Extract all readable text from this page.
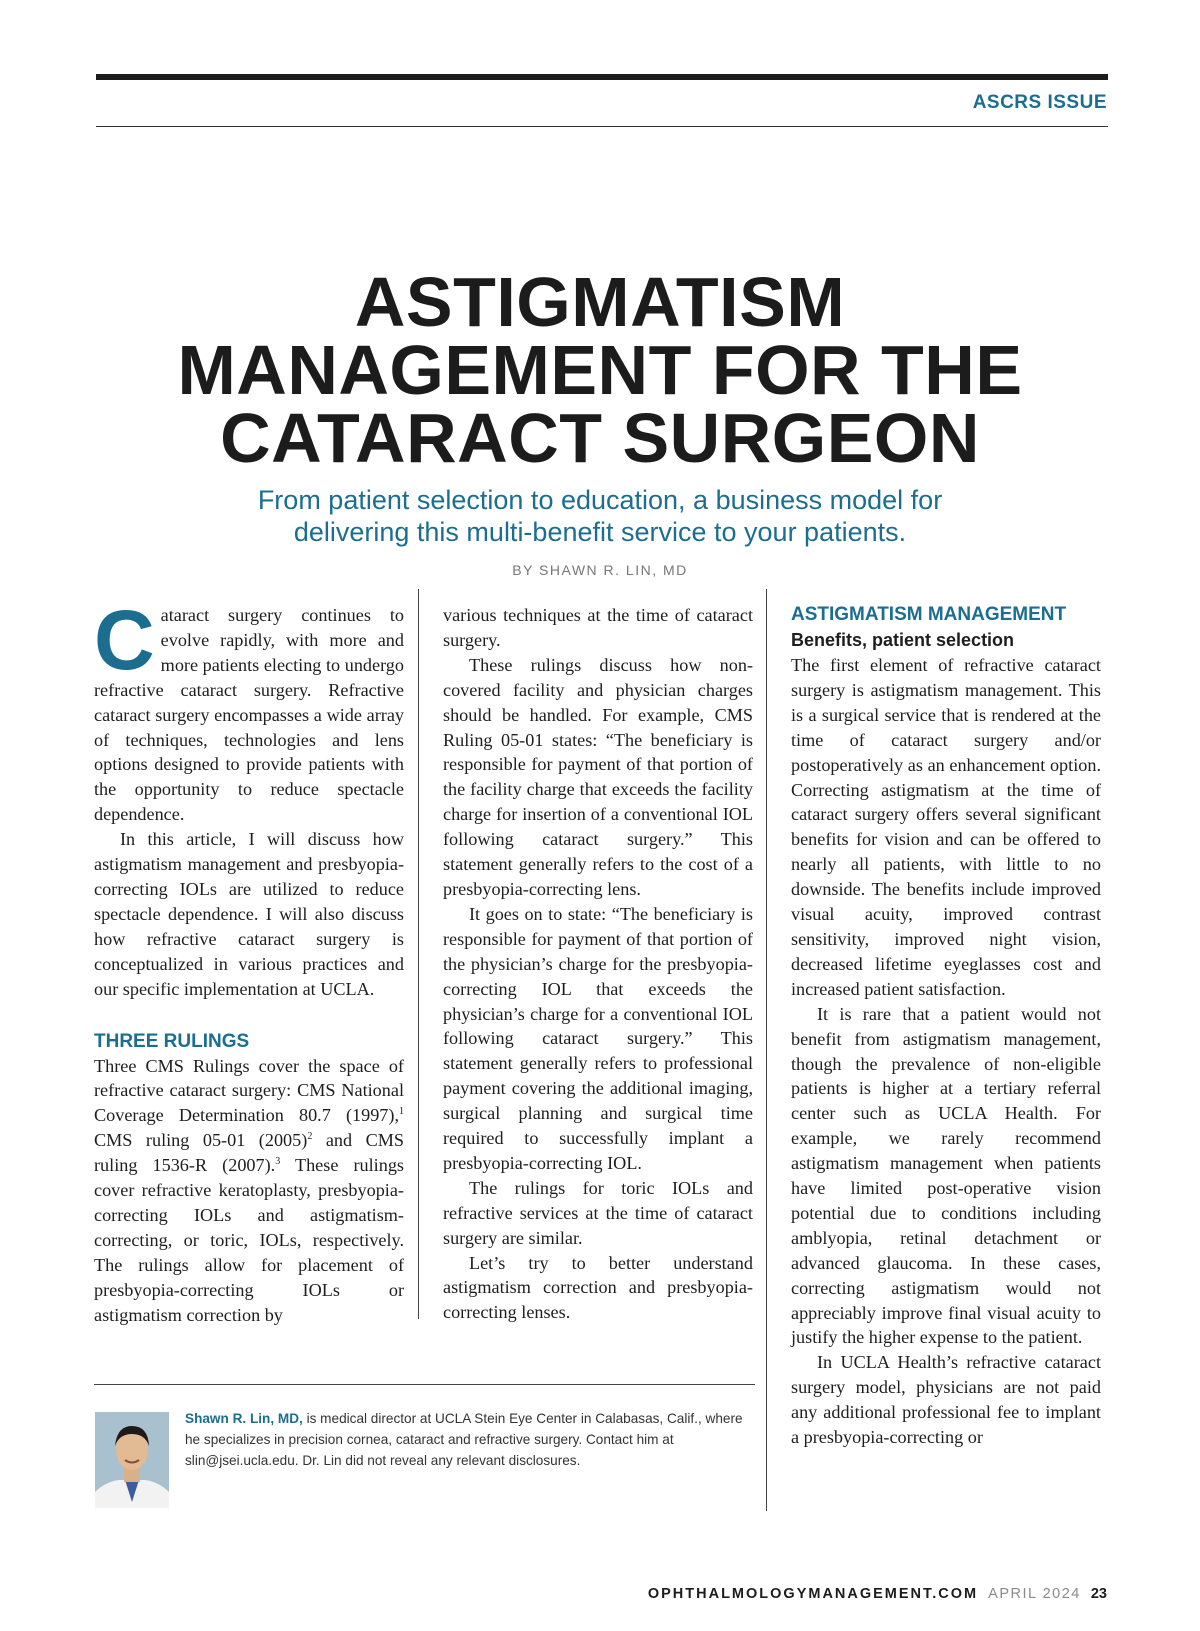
ASCRS ISSUE
ASTIGMATISM
MANAGEMENT FOR THE
CATARACT SURGEON
From patient selection to education, a business model for
delivering this multi-benefit service to your patients.
BY SHAWN R. LIN, MD

Cataract surgery continues to evolve rapidly, with more and more patients electing to undergo refractive cataract surgery. Refractive cataract surgery encompasses a wide array of techniques, technologies and lens options designed to provide patients with the opportunity to reduce spectacle dependence.

In this article, I will discuss how astigmatism management and presbyopia-correcting IOLs are utilized to reduce spectacle dependence. I will also discuss how refractive cataract surgery is conceptualized in various practices and our specific implementation at UCLA.

THREE RULINGS

Three CMS Rulings cover the space of refractive cataract surgery: CMS National Coverage Determination 80.7 (1997),$^1$ CMS ruling 05-01 $(2005)^2$ and CMS ruling 1536-R (2007).$^3$ These rulings cover refractive keratoplasty, presbyopia-correcting IOLs and astigmatism-correcting, or toric, IOLs, respectively. The rulings allow for placement of presbyopia-correcting IOLs or astigmatism correction by

various techniques at the time of cataract surgery.

These rulings discuss how non-covered facility and physician charges should be handled. For example, CMS Ruling 05-01 states: “The beneficiary is responsible for payment of that portion of the facility charge that exceeds the facility charge for insertion of a conventional IOL following cataract surgery.” This statement generally refers to the cost of a presbyopia-correcting lens.

It goes on to state: “The beneficiary is responsible for payment of that portion of the physician’s charge for the presbyopia-correcting IOL that exceeds the physician’s charge for a conventional IOL following cataract surgery.” This statement generally refers to professional payment covering the additional imaging, surgical planning and surgical time required to successfully implant a presbyopia-correcting IOL.

The rulings for toric IOLs and refractive services at the time of cataract surgery are similar.

Let’s try to better understand astigmatism correction and presbyopia-correcting lenses.

ASTIGMATISM MANAGEMENT
Benefits, patient selection

The first element of refractive cataract surgery is astigmatism management. This is a surgical service that is rendered at the time of cataract surgery and/or postoperatively as an enhancement option. Correcting astigmatism at the time of cataract surgery offers several significant benefits for vision and can be offered to nearly all patients, with little to no downside. The benefits include improved visual acuity, improved contrast sensitivity, improved night vision, decreased lifetime eyeglasses cost and increased patient satisfaction.

It is rare that a patient would not benefit from astigmatism management, though the prevalence of non-eligible patients is higher at a tertiary referral center such as UCLA Health. For example, we rarely recommend astigmatism management when patients have limited post-operative vision potential due to conditions including amblyopia, retinal detachment or advanced glaucoma. In these cases, correcting astigmatism would not appreciably improve final visual acuity to justify the higher expense to the patient.

In UCLA Health’s refractive cataract surgery model, physicians are not paid any additional professional fee to implant a presbyopia-correcting or

Shawn R. Lin, MD, is medical director at UCLA Stein Eye Center in Calabasas, Calif., where he specializes in precision cornea, cataract and refractive surgery. Contact him at slin@jsei.ucla.edu. Dr. Lin did not reveal any relevant disclosures.
OPHTHALMOLOGYMANAGEMENT.COM APRIL 2024 23
